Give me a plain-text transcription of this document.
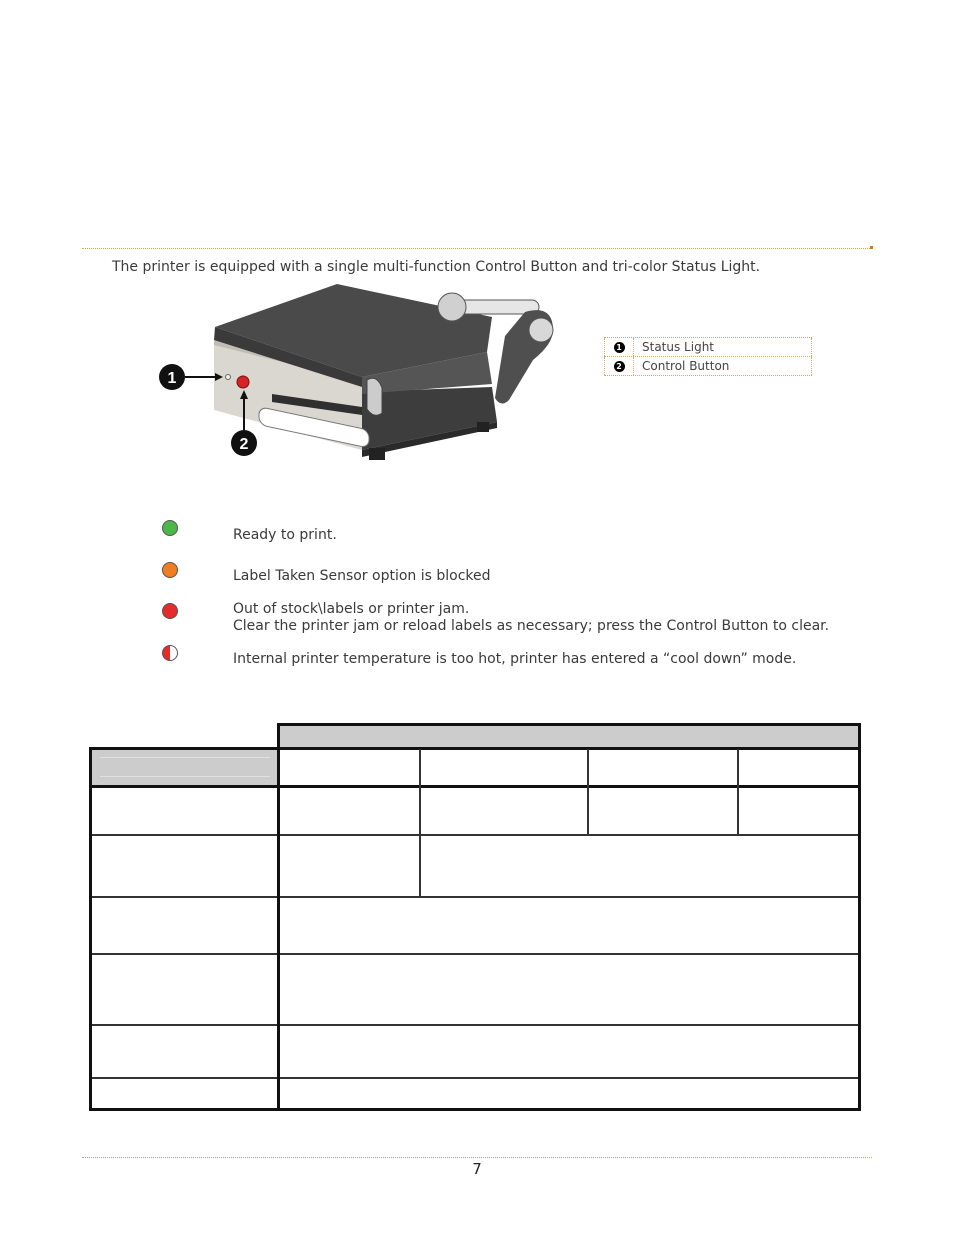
The printer is equipped with a single multi-function Control Button and tri-color Status Light.
1
2
1	Status Light
2	Control Button
Ready to print.
Label Taken Sensor option is blocked
Out of stock\labels or printer jam.
Clear the printer jam or reload labels as necessary; press the Control Button to clear.
Internal printer temperature is too hot, printer has entered a “cool down” mode.
7
